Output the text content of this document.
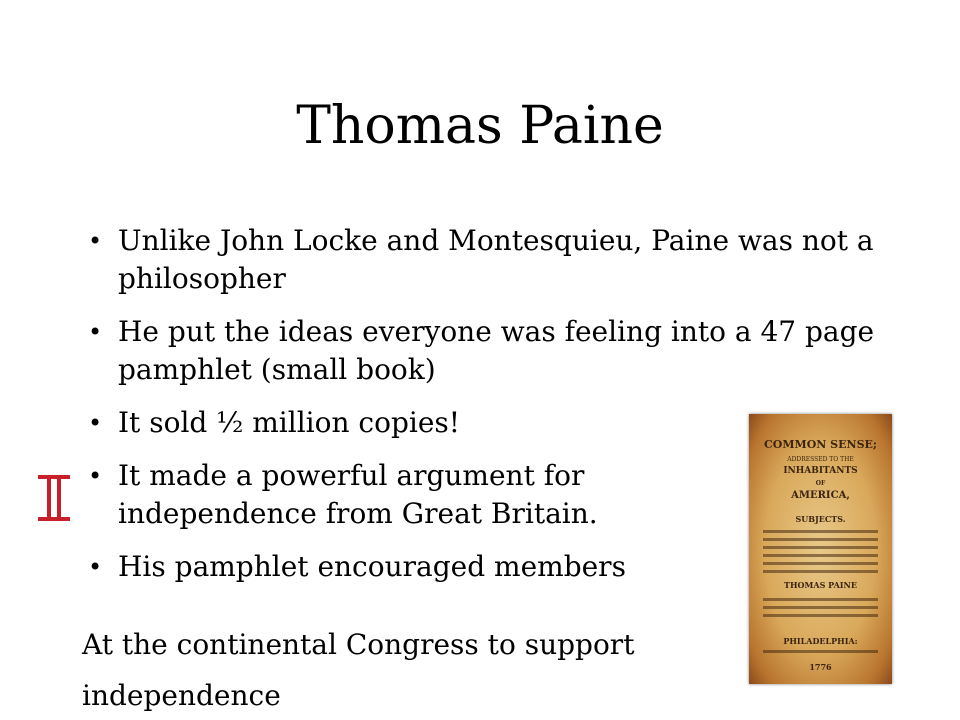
Thomas Paine
• Unlike John Locke and Montesquieu, Paine was not a philosopher
• He put the ideas everyone was feeling into a 47 page pamphlet (small book)
• It sold ½ million copies!
• It made a powerful argument for independence from Great Britain.
• His pamphlet encouraged members
At the continental Congress to support
independence
COMMON SENSE;
ADDRESSED TO THE
INHABITANTS
OF
AMERICA,
SUBJECTS.
THOMAS PAINE
PHILADELPHIA:
1776
